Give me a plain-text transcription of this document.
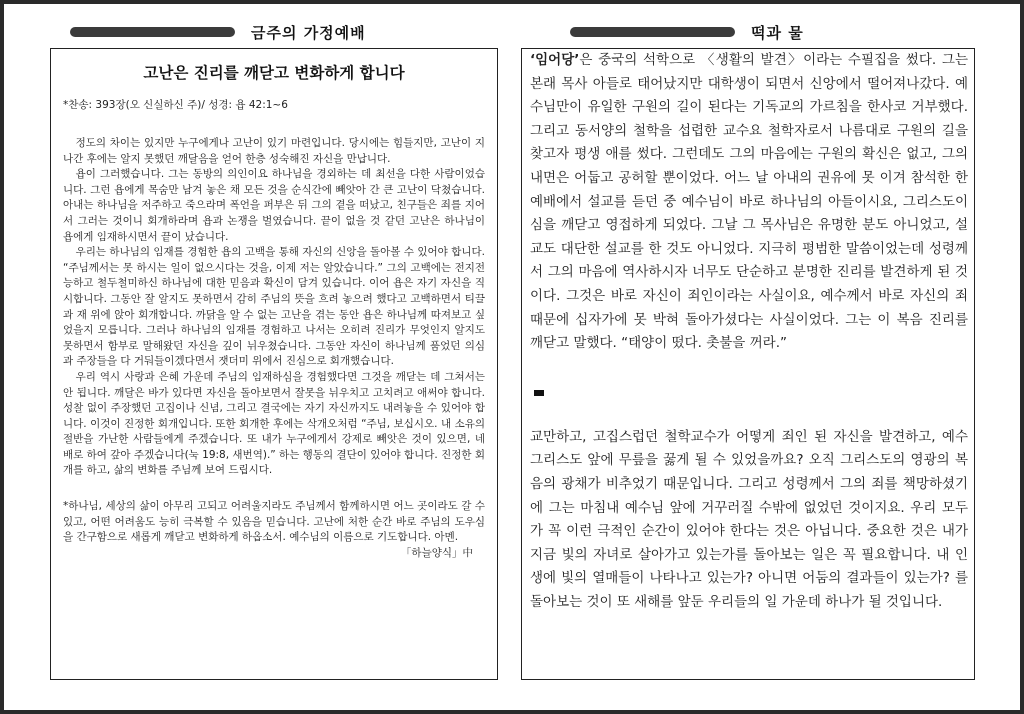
금주의 가정예배	떡과 물
고난은 진리를 깨닫고 변화하게 합니다
*찬송: 393장(오 신실하신 주)/ 성경: 욥 42:1~6

정도의 차이는 있지만 누구에게나 고난이 있기 마련입니다. 당시에는 힘들지만, 고난이 지나간 후에는 알지 못했던 깨달음을 얻어 한층 성숙해진 자신을 만납니다.

욥이 그러했습니다. 그는 동방의 의인이요 하나님을 경외하는 데 최선을 다한 사람이었습니다. 그런 욥에게 목숨만 남겨 놓은 채 모든 것을 순식간에 빼앗아 간 큰 고난이 닥쳤습니다. 아내는 하나님을 저주하고 죽으라며 폭언을 퍼부은 뒤 그의 곁을 떠났고, 친구들은 죄를 지어서 그러는 것이니 회개하라며 욥과 논쟁을 벌였습니다. 끝이 없을 것 같던 고난은 하나님이 욥에게 임재하시면서 끝이 났습니다.

우리는 하나님의 임재를 경험한 욥의 고백을 통해 자신의 신앙을 돌아볼 수 있어야 합니다. “주님께서는 못 하시는 일이 없으시다는 것을, 이제 저는 알았습니다.” 그의 고백에는 전지전능하고 철두철미하신 하나님에 대한 믿음과 확신이 담겨 있습니다. 이어 욥은 자기 자신을 직시합니다. 그동안 잘 알지도 못하면서 감히 주님의 뜻을 흐려 놓으려 했다고 고백하면서 티끌과 재 위에 앉아 회개합니다. 까닭을 알 수 없는 고난을 겪는 동안 욥은 하나님께 따져보고 싶었을지 모릅니다. 그러나 하나님의 임재를 경험하고 나서는 오히려 진리가 무엇인지 알지도 못하면서 함부로 말해왔던 자신을 깊이 뉘우쳤습니다. 그동안 자신이 하나님께 품었던 의심과 주장들을 다 거둬들이겠다면서 잿더미 위에서 진심으로 회개했습니다.

우리 역시 사랑과 은혜 가운데 주님의 임재하심을 경험했다면 그것을 깨닫는 데 그쳐서는 안 됩니다. 깨달은 바가 있다면 자신을 돌아보면서 잘못을 뉘우치고 고치려고 애써야 합니다. 성찰 없이 주장했던 고집이나 신념, 그리고 결국에는 자기 자신까지도 내려놓을 수 있어야 합니다. 이것이 진정한 회개입니다. 또한 회개한 후에는 삭개오처럼 “주님, 보십시오. 내 소유의 절반을 가난한 사람들에게 주겠습니다. 또 내가 누구에게서 강제로 빼앗은 것이 있으면, 네 배로 하여 갚아 주겠습니다(눅 19:8, 새번역).” 하는 행동의 결단이 있어야 합니다. 진정한 회개를 하고, 삶의 변화를 주님께 보여 드립시다.

*하나님, 세상의 삶이 아무리 고되고 어려울지라도 주님께서 함께하시면 어느 곳이라도 갈 수 있고, 어떤 어려움도 능히 극복할 수 있음을 믿습니다. 고난에 처한 순간 바로 주님의 도우심을 간구함으로 새롭게 깨닫고 변화하게 하옵소서. 예수님의 이름으로 기도합니다. 아멘.
「하늘양식」中

‘임어당’은 중국의 석학으로 〈생활의 발견〉이라는 수필집을 썼다. 그는 본래 목사 아들로 태어났지만 대학생이 되면서 신앙에서 떨어져나갔다. 예수님만이 유일한 구원의 길이 된다는 기독교의 가르침을 한사코 거부했다. 그리고 동서양의 철학을 섭렵한 교수요 철학자로서 나름대로 구원의 길을 찾고자 평생 애를 썼다. 그런데도 그의 마음에는 구원의 확신은 없고, 그의 내면은 어둡고 공허할 뿐이었다. 어느 날 아내의 권유에 못 이겨 참석한 한 예배에서 설교를 듣던 중 예수님이 바로 하나님의 아들이시요, 그리스도이심을 깨닫고 영접하게 되었다. 그날 그 목사님은 유명한 분도 아니었고, 설교도 대단한 설교를 한 것도 아니었다. 지극히 평범한 말씀이었는데 성령께서 그의 마음에 역사하시자 너무도 단순하고 분명한 진리를 발견하게 된 것이다. 그것은 바로 자신이 죄인이라는 사실이요, 예수께서 바로 자신의 죄 때문에 십자가에 못 박혀 돌아가셨다는 사실이었다. 그는 이 복음 진리를 깨닫고 말했다. “태양이 떴다. 촛불을 꺼라.”

교만하고, 고집스럽던 철학교수가 어떻게 죄인 된 자신을 발견하고, 예수 그리스도 앞에 무릎을 꿇게 될 수 있었을까요? 오직 그리스도의 영광의 복음의 광채가 비추었기 때문입니다. 그리고 성령께서 그의 죄를 책망하셨기에 그는 마침내 예수님 앞에 거꾸러질 수밖에 없었던 것이지요. 우리 모두가 꼭 이런 극적인 순간이 있어야 한다는 것은 아닙니다. 중요한 것은 내가 지금 빛의 자녀로 살아가고 있는가를 돌아보는 일은 꼭 필요합니다. 내 인생에 빛의 열매들이 나타나고 있는가? 아니면 어둠의 결과들이 있는가? 를 돌아보는 것이 또 새해를 앞둔 우리들의 일 가운데 하나가 될 것입니다.
